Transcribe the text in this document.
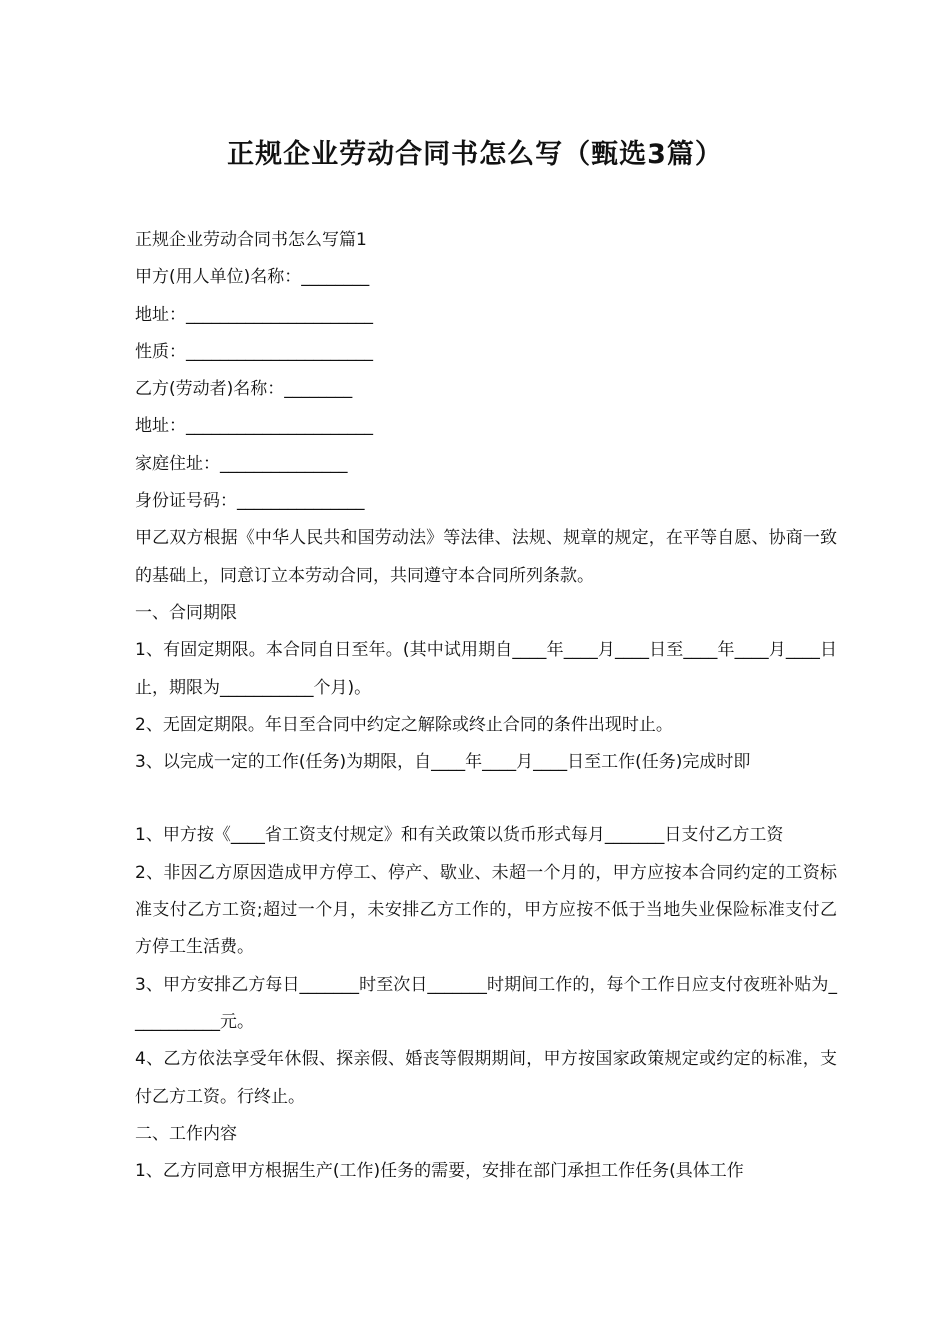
正规企业劳动合同书怎么写（甄选3篇）

正规企业劳动合同书怎么写篇1

甲方(用人单位)名称：________

地址：______________________

性质：______________________

乙方(劳动者)名称：________

地址：______________________

家庭住址：_______________

身份证号码：_______________

甲乙双方根据《中华人民共和国劳动法》等法律、法规、规章的规定，在平等自愿、协商一致的基础上，同意订立本劳动合同，共同遵守本合同所列条款。

一、合同期限

1、有固定期限。本合同自日至年。(其中试用期自____年____月____日至____年____月____日止，期限为___________个月)。

2、无固定期限。年日至合同中约定之解除或终止合同的条件出现时止。

3、以完成一定的工作(任务)为期限，自____年____月____日至工作(任务)完成时即

1、甲方按《____省工资支付规定》和有关政策以货币形式每月_______日支付乙方工资

2、非因乙方原因造成甲方停工、停产、歇业、未超一个月的，甲方应按本合同约定的工资标准支付乙方工资;超过一个月，未安排乙方工作的，甲方应按不低于当地失业保险标准支付乙方停工生活费。

3、甲方安排乙方每日_______时至次日_______时期间工作的，每个工作日应支付夜班补贴为___________元。

4、乙方依法享受年休假、探亲假、婚丧等假期期间，甲方按国家政策规定或约定的标准，支付乙方工资。行终止。

二、工作内容

1、乙方同意甲方根据生产(工作)任务的需要，安排在部门承担工作任务(具体工作
